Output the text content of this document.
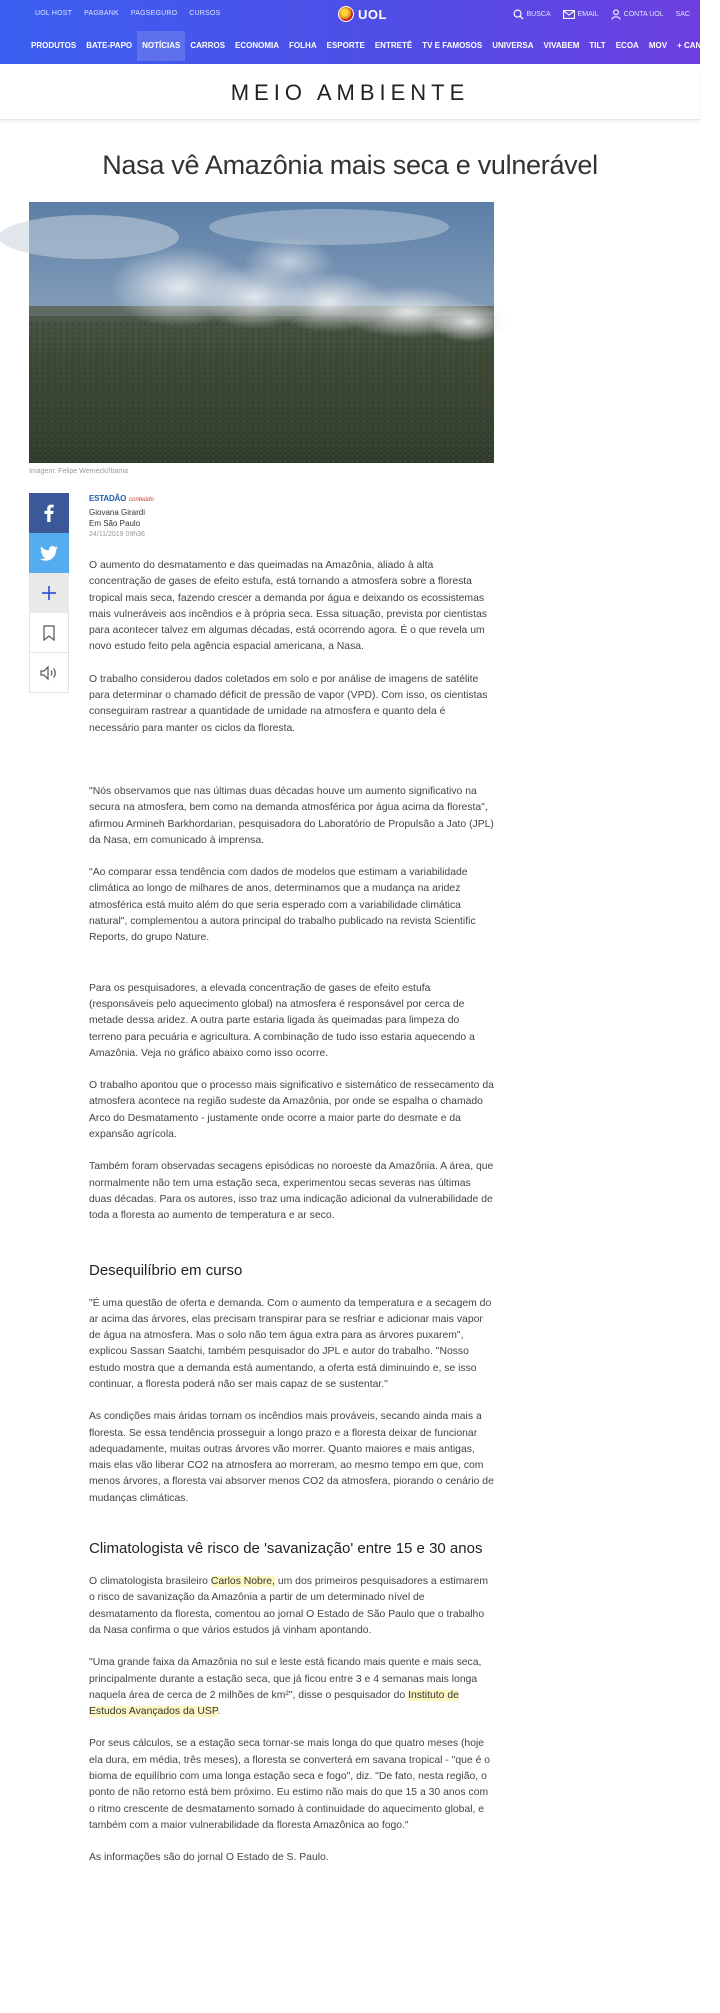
UOL HOST PAGBANK PAGSEGURO CURSOS	UOL	BUSCA	EMAIL	CONTA UOL SAC
PRODUTOS	BATE-PAPO	NOTÍCIAS	CARROS	ECONOMIA	FOLHA	ESPORTE	ENTRETÊ	TV E FAMOSOS	UNIVERSA	VIVABEM	TILT	ECOA	MOV	+ CANAIS
MEIO AMBIENTE
Nasa vê Amazônia mais seca e vulnerável
Imagem: Felipe Werneck/Ibama
ESTADÃO conteúdo
Giovana Girardi
Em São Paulo
24/11/2019 09h36

O aumento do desmatamento e das queimadas na Amazônia, aliado à alta concentração de gases de efeito estufa, está tornando a atmosfera sobre a floresta tropical mais seca, fazendo crescer a demanda por água e deixando os ecossistemas mais vulneráveis aos incêndios e à própria seca. Essa situação, prevista por cientistas para acontecer talvez em algumas décadas, está ocorrendo agora. É o que revela um novo estudo feito pela agência espacial americana, a Nasa.

O trabalho considerou dados coletados em solo e por análise de imagens de satélite para determinar o chamado déficit de pressão de vapor (VPD). Com isso, os cientistas conseguiram rastrear a quantidade de umidade na atmosfera e quanto dela é necessário para manter os ciclos da floresta.

"Nós observamos que nas últimas duas décadas houve um aumento significativo na secura na atmosfera, bem como na demanda atmosférica por água acima da floresta", afirmou Armineh Barkhordarian, pesquisadora do Laboratório de Propulsão a Jato (JPL) da Nasa, em comunicado à imprensa.

"Ao comparar essa tendência com dados de modelos que estimam a variabilidade climática ao longo de milhares de anos, determinamos que a mudança na aridez atmosférica está muito além do que seria esperado com a variabilidade climática natural", complementou a autora principal do trabalho publicado na revista Scientific Reports, do grupo Nature.

Para os pesquisadores, a elevada concentração de gases de efeito estufa (responsáveis pelo aquecimento global) na atmosfera é responsável por cerca de metade dessa aridez. A outra parte estaria ligada às queimadas para limpeza do terreno para pecuária e agricultura. A combinação de tudo isso estaria aquecendo a Amazônia. Veja no gráfico abaixo como isso ocorre.

O trabalho apontou que o processo mais significativo e sistemático de ressecamento da atmosfera acontece na região sudeste da Amazônia, por onde se espalha o chamado Arco do Desmatamento - justamente onde ocorre a maior parte do desmate e da expansão agrícola.

Também foram observadas secagens episódicas no noroeste da Amazônia. A área, que normalmente não tem uma estação seca, experimentou secas severas nas últimas duas décadas. Para os autores, isso traz uma indicação adicional da vulnerabilidade de toda a floresta ao aumento de temperatura e ar seco.

Desequilíbrio em curso

"É uma questão de oferta e demanda. Com o aumento da temperatura e a secagem do ar acima das árvores, elas precisam transpirar para se resfriar e adicionar mais vapor de água na atmosfera. Mas o solo não tem água extra para as árvores puxarem", explicou Sassan Saatchi, também pesquisador do JPL e autor do trabalho. "Nosso estudo mostra que a demanda está aumentando, a oferta está diminuindo e, se isso continuar, a floresta poderá não ser mais capaz de se sustentar."

As condições mais áridas tornam os incêndios mais prováveis, secando ainda mais a floresta. Se essa tendência prosseguir a longo prazo e a floresta deixar de funcionar adequadamente, muitas outras árvores vão morrer. Quanto maiores e mais antigas, mais elas vão liberar CO2 na atmosfera ao morreram, ao mesmo tempo em que, com menos árvores, a floresta vai absorver menos CO2 da atmosfera, piorando o cenário de mudanças climáticas.

Climatologista vê risco de 'savanização' entre 15 e 30 anos

O climatologista brasileiro Carlos Nobre, um dos primeiros pesquisadores a estimarem o risco de savanização da Amazônia a partir de um determinado nível de desmatamento da floresta, comentou ao jornal O Estado de São Paulo que o trabalho da Nasa confirma o que vários estudos já vinham apontando.

"Uma grande faixa da Amazônia no sul e leste está ficando mais quente e mais seca, principalmente durante a estação seca, que já ficou entre 3 e 4 semanas mais longa naquela área de cerca de 2 milhões de km²", disse o pesquisador do Instituto de Estudos Avançados da USP.

Por seus cálculos, se a estação seca tornar-se mais longa do que quatro meses (hoje ela dura, em média, três meses), a floresta se converterá em savana tropical - "que é o bioma de equilíbrio com uma longa estação seca e fogo", diz. "De fato, nesta região, o ponto de não retorno está bem próximo. Eu estimo não mais do que 15 a 30 anos com o ritmo crescente de desmatamento somado à continuidade do aquecimento global, e também com a maior vulnerabilidade da floresta Amazônica ao fogo."

As informações são do jornal O Estado de S. Paulo.
